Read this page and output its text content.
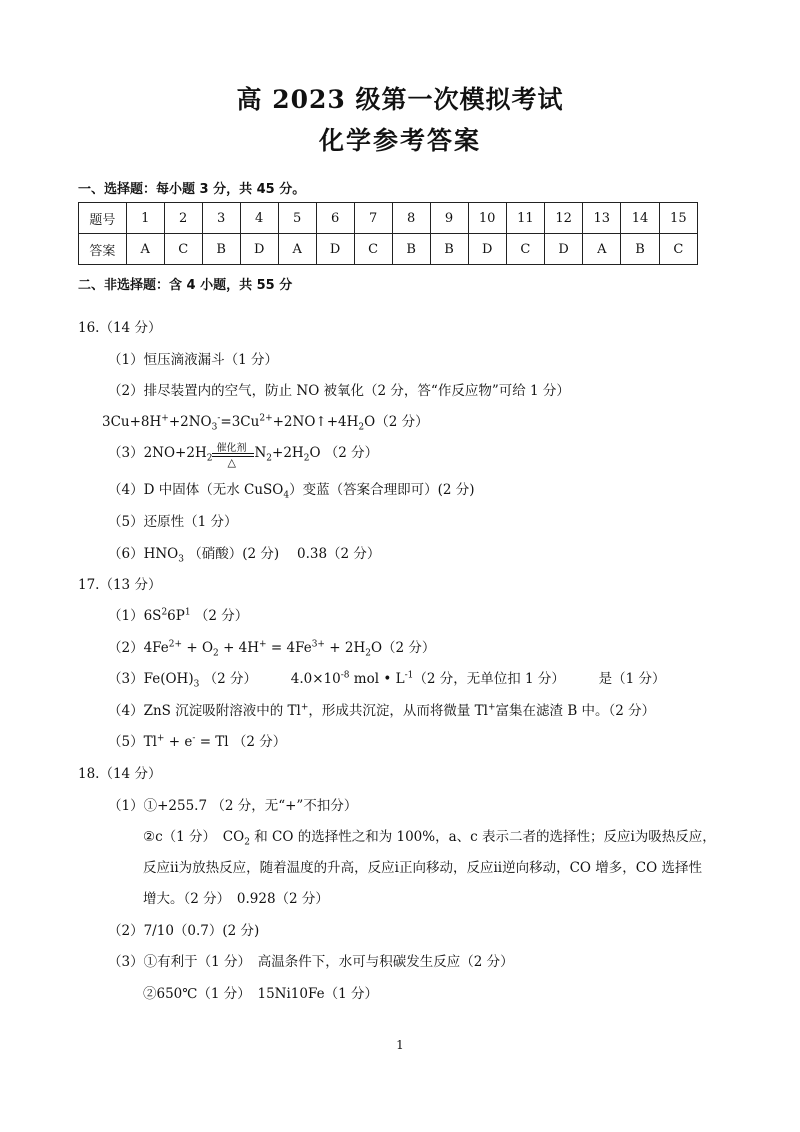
高 2023 级第一次模拟考试
化学参考答案
一、选择题：每小题 3 分，共 45 分。
题号	1	2	3	4	5	6	7	8	9	10	11	12	13	14	15
答案	A	C	B	D	A	D	C	B	B	D	C	D	A	B	C
二、非选择题：含 4 小题，共 55 分
16.（14 分）
（1）恒压滴液漏斗（1 分）
（2）排尽装置内的空气，防止 NO 被氧化（2 分，答“作反应物”可给 1 分）
$3Cu+8H^++2NO_3^-=3Cu^{2+}+2NO↑+4H_2O(2$ 分）
$(3)2NO+2H_2$
催化剂
△
$N_2+2H_2O$ （2 分）
（4）D 中固体（无水 CuSO$_4$）变蓝（答案合理即可）(2 分)
（5）还原性（1 分）
$(6)HNO_3$ （硝酸）(2 分)　 0.38（2 分）
17.（13 分）
$(1)6S^26P^1$ （2 分）
$(2)4Fe^{2+} + O_2 + 4H^+ = 4Fe^{3+} + 2H_2O(2$ 分）
$(3)Fe(OH)_3$ （2 分）　　　$4.0\times 10^{-8}$ mol • $L^{-1}(2$ 分，无单位扣 1 分）　　　是（1 分）
（4）ZnS 沉淀吸附溶液中的 Tl+，形成共沉淀，从而将微量 Tl+富集在滤渣 B 中。（2 分）
（5）Tl+ + e- = Tl （2 分）
18.（14 分）
（1）①+255.7 （2 分，无“+”不扣分）
②c（1 分）　$CO_2$ 和 CO 的选择性之和为 100%，a、c 表示二者的选择性；反应i为吸热反应，
反应ii为放热反应，随着温度的升高，反应i正向移动，反应ii逆向移动，CO 增多，CO 选择性
增大。（2 分）　0.928（2 分）
（2）7/10（0.7）(2 分)
（3）①有利于（1 分）　高温条件下，水可与积碳发生反应（2 分）
②650℃（1 分）　15Ni10Fe（1 分）
1
